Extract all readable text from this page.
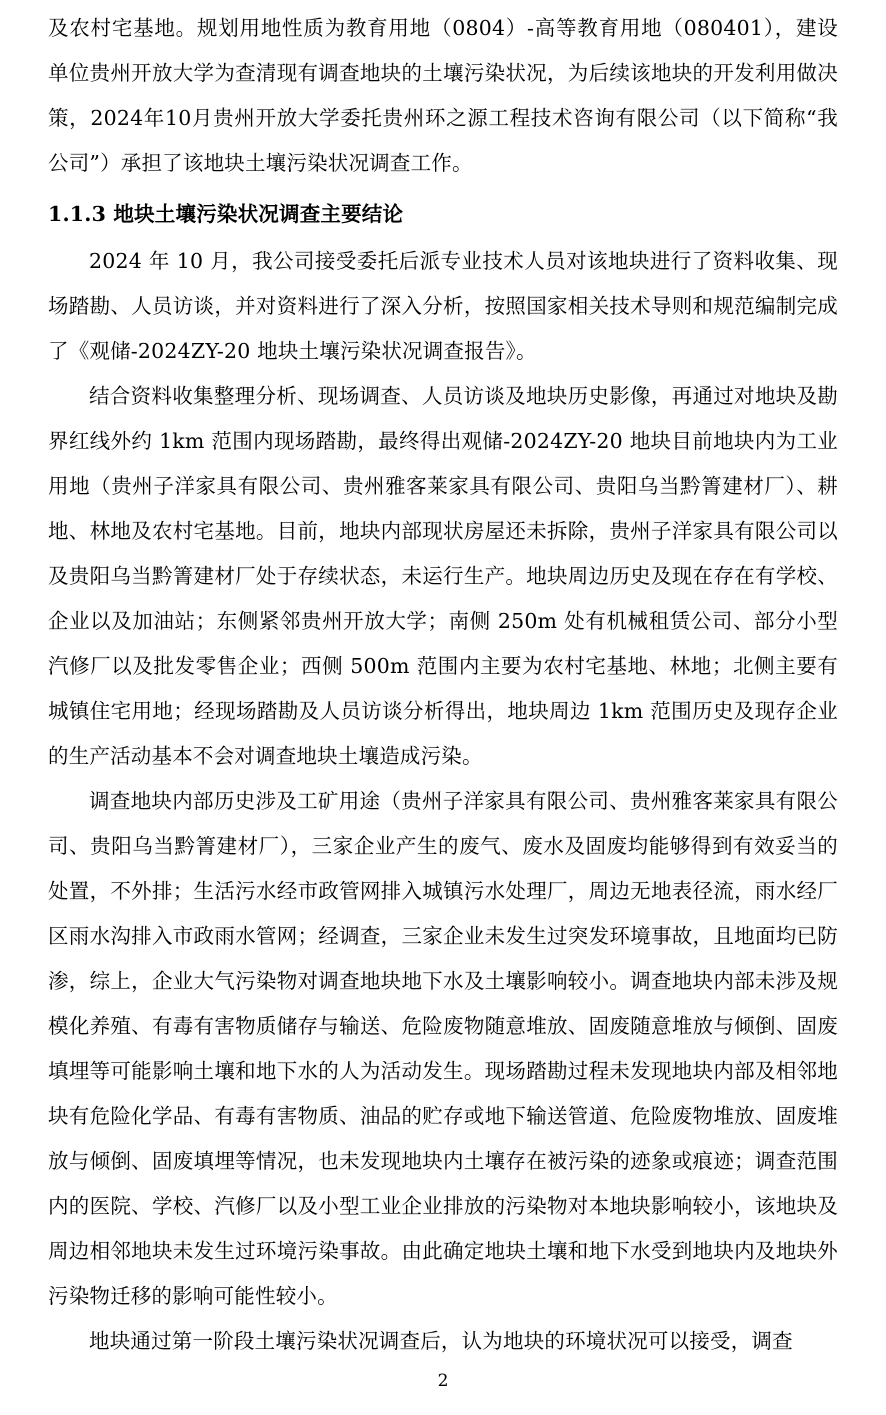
及农村宅基地。规划用地性质为教育用地（0804）-高等教育用地（080401），建设单位贵州开放大学为查清现有调查地块的土壤污染状况，为后续该地块的开发利用做决策，2024年10月贵州开放大学委托贵州环之源工程技术咨询有限公司（以下简称“我公司”）承担了该地块土壤污染状况调查工作。

1.1.3 地块土壤污染状况调查主要结论

2024 年 10 月，我公司接受委托后派专业技术人员对该地块进行了资料收集、现场踏勘、人员访谈，并对资料进行了深入分析，按照国家相关技术导则和规范编制完成了《观储-2024ZY-20 地块土壤污染状况调查报告》。

结合资料收集整理分析、现场调查、人员访谈及地块历史影像，再通过对地块及勘界红线外约 1km 范围内现场踏勘，最终得出观储-2024ZY-20 地块目前地块内为工业用地（贵州子洋家具有限公司、贵州雅客莱家具有限公司、贵阳乌当黔箐建材厂）、耕地、林地及农村宅基地。目前，地块内部现状房屋还未拆除，贵州子洋家具有限公司以及贵阳乌当黔箐建材厂处于存续状态，未运行生产。地块周边历史及现在存在有学校、企业以及加油站；东侧紧邻贵州开放大学；南侧 250m 处有机械租赁公司、部分小型汽修厂以及批发零售企业；西侧 500m 范围内主要为农村宅基地、林地；北侧主要有城镇住宅用地；经现场踏勘及人员访谈分析得出，地块周边 1km 范围历史及现存企业的生产活动基本不会对调查地块土壤造成污染。

调查地块内部历史涉及工矿用途（贵州子洋家具有限公司、贵州雅客莱家具有限公司、贵阳乌当黔箐建材厂），三家企业产生的废气、废水及固废均能够得到有效妥当的处置，不外排；生活污水经市政管网排入城镇污水处理厂，周边无地表径流，雨水经厂区雨水沟排入市政雨水管网；经调查，三家企业未发生过突发环境事故，且地面均已防渗，综上，企业大气污染物对调查地块地下水及土壤影响较小。调查地块内部未涉及规模化养殖、有毒有害物质储存与输送、危险废物随意堆放、固废随意堆放与倾倒、固废填埋等可能影响土壤和地下水的人为活动发生。现场踏勘过程未发现地块内部及相邻地块有危险化学品、有毒有害物质、油品的贮存或地下输送管道、危险废物堆放、固废堆放与倾倒、固废填埋等情况，也未发现地块内土壤存在被污染的迹象或痕迹；调查范围内的医院、学校、汽修厂以及小型工业企业排放的污染物对本地块影响较小，该地块及周边相邻地块未发生过环境污染事故。由此确定地块土壤和地下水受到地块内及地块外污染物迁移的影响可能性较小。

地块通过第一阶段土壤污染状况调查后，认为地块的环境状况可以接受，调查

2
